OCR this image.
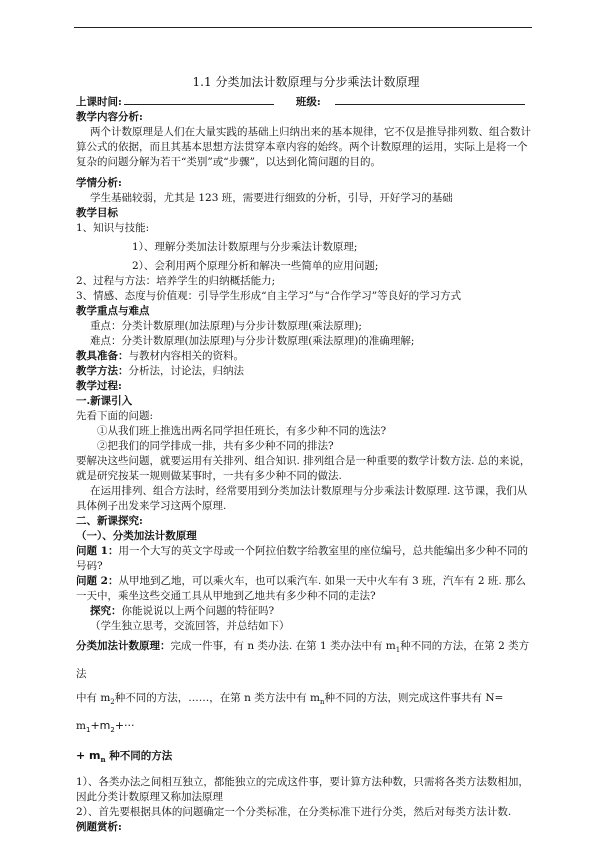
1.1 分类加法计数原理与分步乘法计数原理
上课时间:	班级:
教学内容分析:
两个计数原理是人们在大量实践的基础上归纳出来的基本规律，它不仅是推导排列数、组合数计算公式的依据，而且其基本思想方法贯穿本章内容的始终。两个计数原理的运用，实际上是将一个复杂的问题分解为若干“类别”或“步骤”，以达到化简问题的目的。
学情分析:
学生基础较弱，尤其是 123 班，需要进行细致的分析，引导，开好学习的基础
教学目标
1、知识与技能:
1）、理解分类加法计数原理与分步乘法计数原理;
2）、会利用两个原理分析和解决一些简单的应用问题;
2、过程与方法：培养学生的归纳概括能力;
3、情感、态度与价值观：引导学生形成“自主学习”与“合作学习”等良好的学习方式
教学重点与难点
重点：分类计数原理(加法原理)与分步计数原理(乘法原理);
难点：分类计数原理(加法原理)与分步计数原理(乘法原理)的准确理解;
教具准备：与教材内容相关的资料。
教学方法：分析法，讨论法，归纳法
教学过程:
一.新课引入
先看下面的问题:
①从我们班上推选出两名同学担任班长，有多少种不同的选法?
②把我们的同学排成一排，共有多少种不同的排法?
要解决这些问题，就要运用有关排列、组合知识. 排列组合是一种重要的数学计数方法. 总的来说，就是研究按某一规则做某事时，一共有多少种不同的做法.
在运用排列、组合方法时，经常要用到分类加法计数原理与分步乘法计数原理. 这节课，我们从具体例子出发来学习这两个原理.
二、新课探究:
（一）、分类加法计数原理
问题 1：用一个大写的英文字母或一个阿拉伯数字给教室里的座位编号，总共能编出多少种不同的号码?
问题 2：从甲地到乙地，可以乘火车，也可以乘汽车. 如果一天中火车有 3 班，汽车有 2 班. 那么一天中，乘坐这些交通工具从甲地到乙地共有多少种不同的走法?
探究：你能说说以上两个问题的特征吗?
（学生独立思考，交流回答，并总结如下）
分类加法计数原理：完成一件事，有 n 类办法. 在第 1 类办法中有 $m_1$种不同的方法，在第 2 类方法
中有 $m_2$种不同的方法，……，在第 n 类方法中有 $m_n$种不同的方法，则完成这件事共有 $N= m_1+m_2+\cdot\cdot\cdot$
+ $m_n$ 种不同的方法
1）、各类办法之间相互独立，都能独立的完成这件事，要计算方法种数，只需将各类方法数相加，因此分类计数原理又称加法原理
2）、首先要根据具体的问题确定一个分类标准，在分类标准下进行分类，然后对每类方法计数.
例题赏析:
